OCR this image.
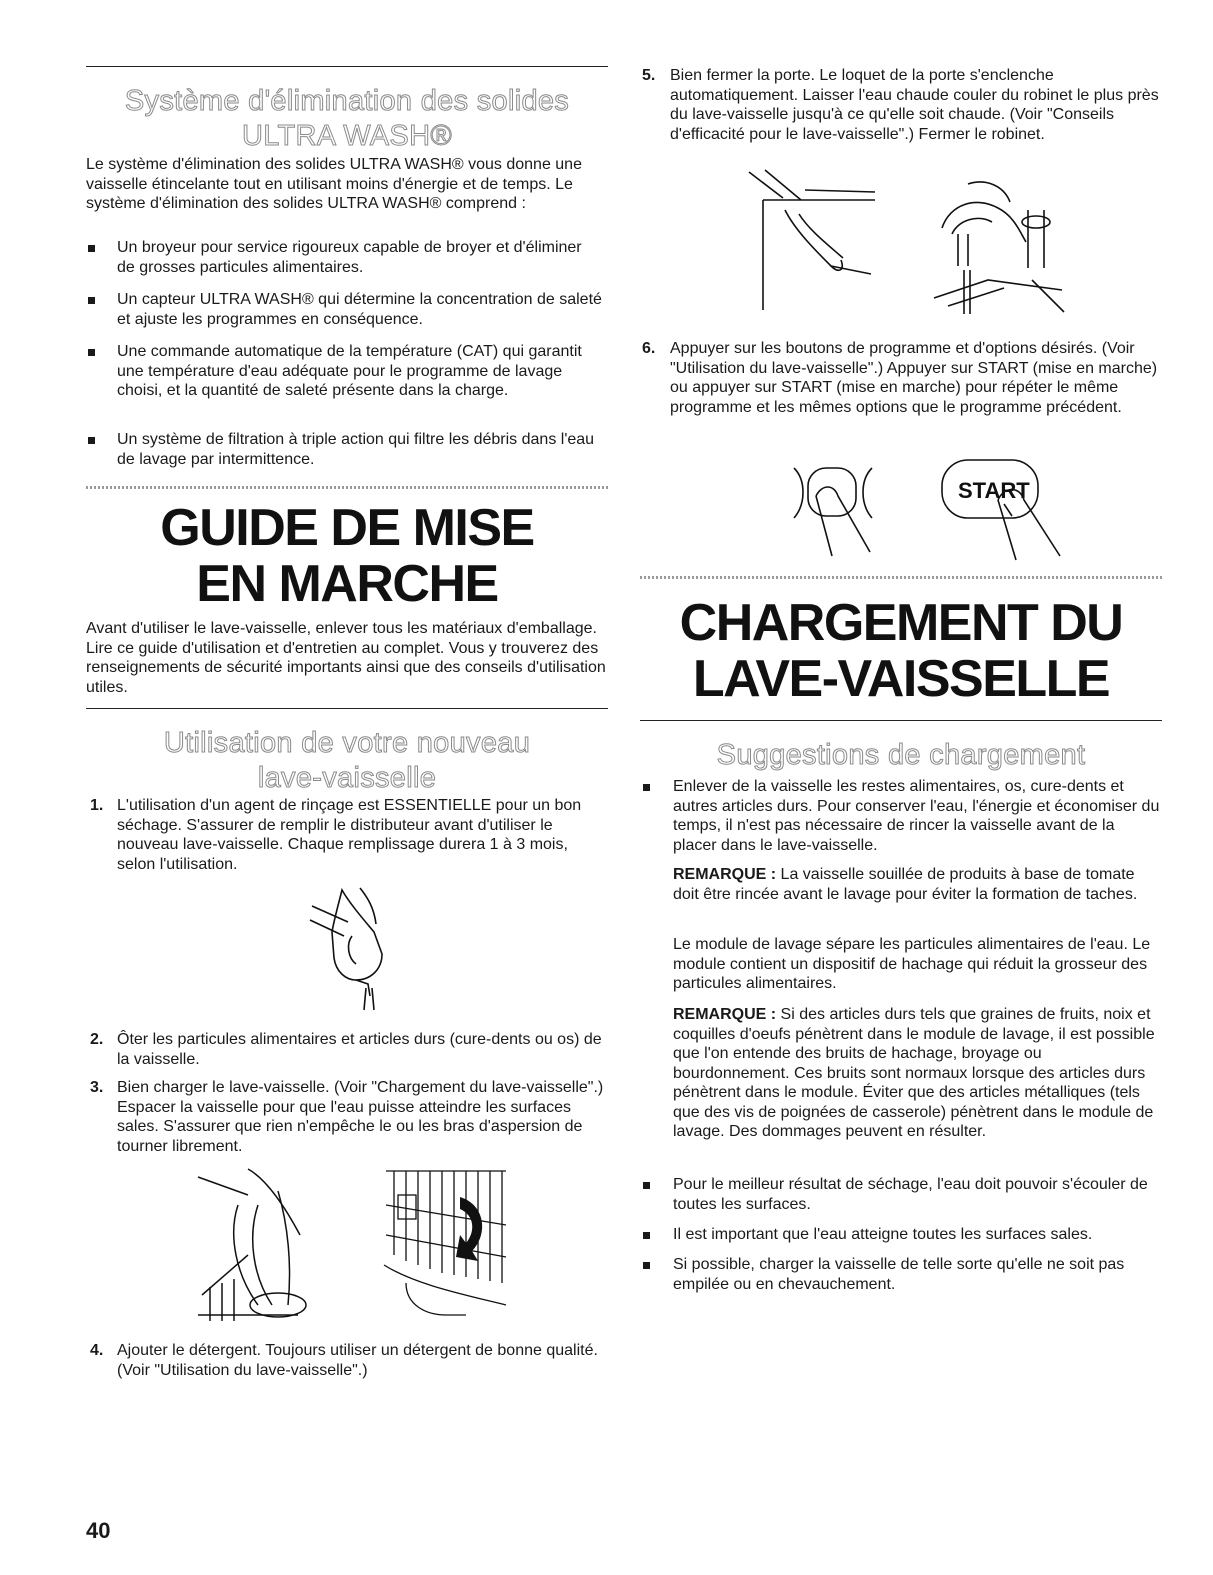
Système d'élimination des solides
ULTRA WASH®
Le système d'élimination des solides ULTRA WASH® vous donne une vaisselle étincelante tout en utilisant moins d'énergie et de temps. Le système d'élimination des solides ULTRA WASH® comprend :
Un broyeur pour service rigoureux capable de broyer et d'éliminer de grosses particules alimentaires.
Un capteur ULTRA WASH® qui détermine la concentration de saleté et ajuste les programmes en conséquence.
Une commande automatique de la température (CAT) qui garantit une température d'eau adéquate pour le programme de lavage choisi, et la quantité de saleté présente dans la charge.
Un système de filtration à triple action qui filtre les débris dans l'eau de lavage par intermittence.
GUIDE DE MISE
EN MARCHE
Avant d'utiliser le lave-vaisselle, enlever tous les matériaux d'emballage. Lire ce guide d'utilisation et d'entretien au complet. Vous y trouverez des renseignements de sécurité importants ainsi que des conseils d'utilisation utiles.
Utilisation de votre nouveau
lave-vaisselle
1. L'utilisation d'un agent de rinçage est ESSENTIELLE pour un bon séchage. S'assurer de remplir le distributeur avant d'utiliser le nouveau lave-vaisselle. Chaque remplissage durera 1 à 3 mois, selon l'utilisation.
2. Ôter les particules alimentaires et articles durs (cure-dents ou os) de la vaisselle.
3. Bien charger le lave-vaisselle. (Voir "Chargement du lave-vaisselle".) Espacer la vaisselle pour que l'eau puisse atteindre les surfaces sales. S'assurer que rien n'empêche le ou les bras d'aspersion de tourner librement.
4. Ajouter le détergent. Toujours utiliser un détergent de bonne qualité. (Voir "Utilisation du lave-vaisselle".)
40
5. Bien fermer la porte. Le loquet de la porte s'enclenche automatiquement. Laisser l'eau chaude couler du robinet le plus près du lave-vaisselle jusqu'à ce qu'elle soit chaude. (Voir "Conseils d'efficacité pour le lave-vaisselle".) Fermer le robinet.
6. Appuyer sur les boutons de programme et d'options désirés. (Voir "Utilisation du lave-vaisselle".) Appuyer sur START (mise en marche) ou appuyer sur START (mise en marche) pour répéter le même programme et les mêmes options que le programme précédent.
START
CHARGEMENT DU
LAVE-VAISSELLE
Suggestions de chargement
Enlever de la vaisselle les restes alimentaires, os, cure-dents et autres articles durs. Pour conserver l'eau, l'énergie et économiser du temps, il n'est pas nécessaire de rincer la vaisselle avant de la placer dans le lave-vaisselle.
REMARQUE : La vaisselle souillée de produits à base de tomate doit être rincée avant le lavage pour éviter la formation de taches.
Le module de lavage sépare les particules alimentaires de l'eau. Le module contient un dispositif de hachage qui réduit la grosseur des particules alimentaires.
REMARQUE : Si des articles durs tels que graines de fruits, noix et coquilles d'oeufs pénètrent dans le module de lavage, il est possible que l'on entende des bruits de hachage, broyage ou bourdonnement. Ces bruits sont normaux lorsque des articles durs pénètrent dans le module. Éviter que des articles métalliques (tels que des vis de poignées de casserole) pénètrent dans le module de lavage. Des dommages peuvent en résulter.
Pour le meilleur résultat de séchage, l'eau doit pouvoir s'écouler de toutes les surfaces.
Il est important que l'eau atteigne toutes les surfaces sales.
Si possible, charger la vaisselle de telle sorte qu'elle ne soit pas empilée ou en chevauchement.
